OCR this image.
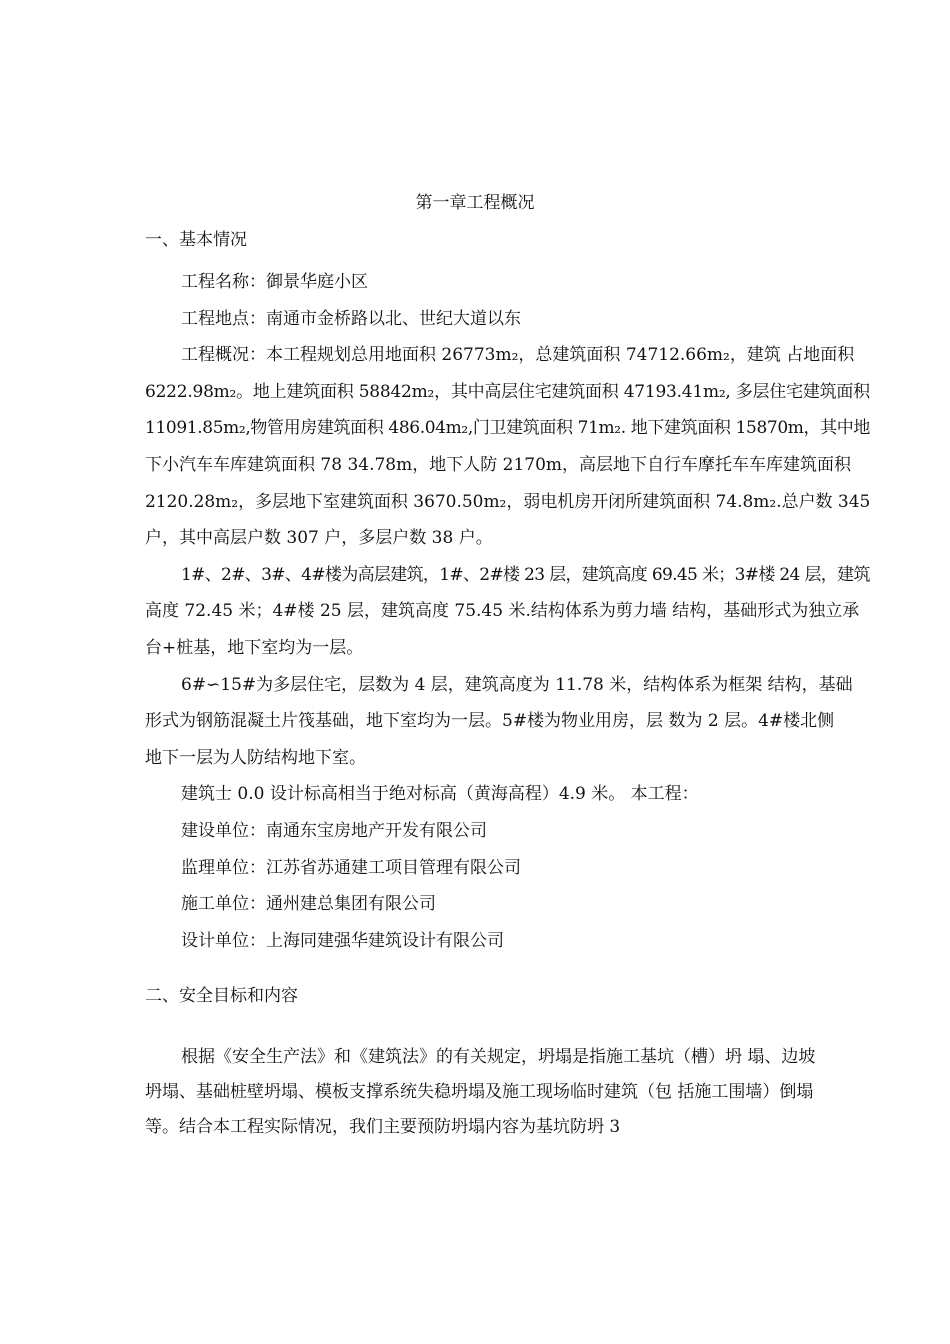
第一章工程概况
一、基本情况

工程名称：御景华庭小区

工程地点：南通市金桥路以北、世纪大道以东

工程概况：本工程规划总用地面积 26773m₂，总建筑面积 74712.66m₂，建筑 占地面积
6222.98m₂。地上建筑面积 58842m₂，其中高层住宅建筑面积 47193.41m₂, 多层住宅建筑面积
11091.85m₂,物管用房建筑面积 486.04m₂,门卫建筑面积 71m₂. 地下建筑面积 15870m，其中地
下小汽车车库建筑面积 78 34.78m，地下人防 2170m，高层地下自行车摩托车车库建筑面积
2120.28m₂，多层地下室建筑面积 3670.50m₂，弱电机房开闭所建筑面积 74.8m₂.总户数 345
户，其中高层户数 307 户，多层户数 38 户。

1#、2#、3#、4#楼为高层建筑，1#、2#楼 23 层，建筑高度 69.45 米；3#楼 24 层，建筑
高度 72.45 米；4#楼 25 层，建筑高度 75.45 米.结构体系为剪力墙 结构，基础形式为独立承
台+桩基，地下室均为一层。

6#∽15#为多层住宅，层数为 4 层，建筑高度为 11.78 米，结构体系为框架 结构，基础
形式为钢筋混凝土片筏基础，地下室均为一层。5#楼为物业用房，层 数为 2 层。4#楼北侧
地下一层为人防结构地下室。

建筑士 0.0 设计标高相当于绝对标高（黄海高程）4.9 米。 本工程：

建设单位：南通东宝房地产开发有限公司

监理单位：江苏省苏通建工项目管理有限公司

施工单位：通州建总集团有限公司

设计单位：上海同建强华建筑设计有限公司

二、安全目标和内容

根据《安全生产法》和《建筑法》的有关规定，坍塌是指施工基坑（槽）坍 塌、边坡
坍塌、基础桩壁坍塌、模板支撑系统失稳坍塌及施工现场临时建筑（包 括施工围墙）倒塌
等。结合本工程实际情况，我们主要预防坍塌内容为基坑防坍 3
